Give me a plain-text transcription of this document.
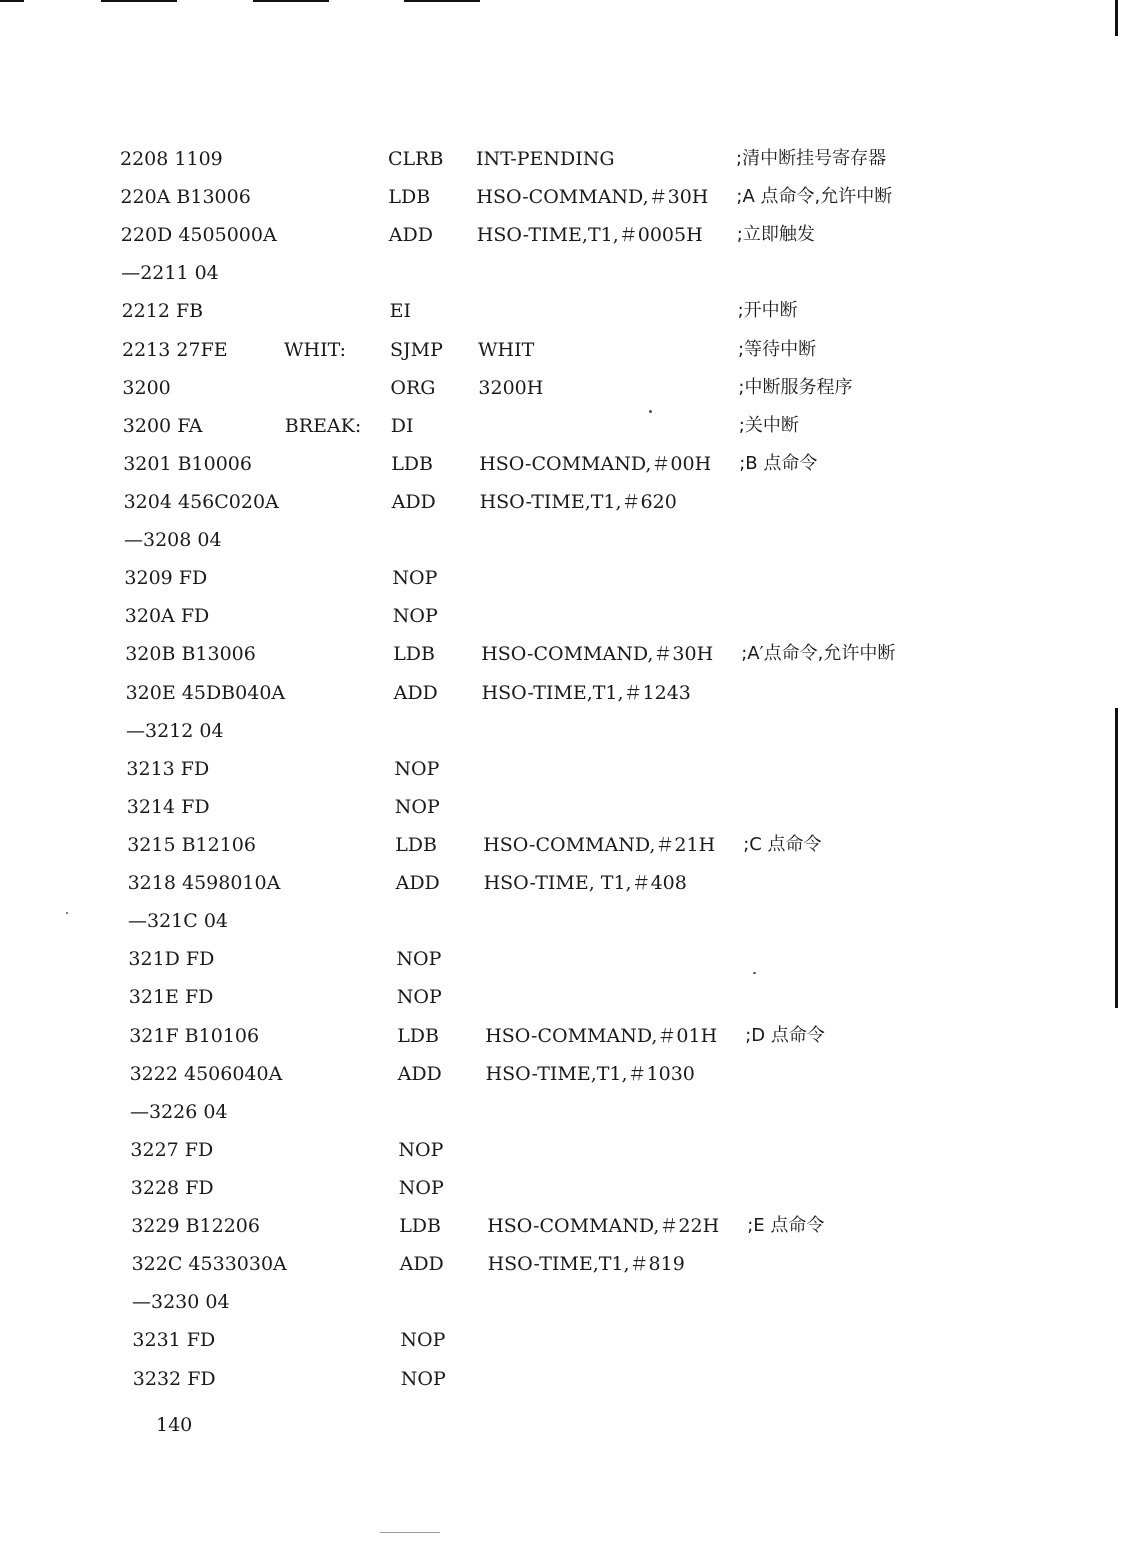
2208 1109	CLRB INT-PENDING	;清中断挂号寄存器
220A B13006	LDB HSO-COMMAND,＃30H ;A 点命令,允许中断
220D 4505000A	ADD HSO-TIME,T1,＃0005H ;立即触发
—2211 04
2212 FB	EI	;开中断
2213 27FE	WHIT: SJMP WHIT	;等待中断
3200	ORG 3200H	;中断服务程序
3200 FA	BREAK: DI	;关中断
3201 B10006	LDB HSO-COMMAND,＃00H ;B 点命令
3204 456C020A	ADD HSO-TIME,T1,＃620
—3208 04
3209 FD	NOP
320A FD	NOP
320B B13006	LDB HSO-COMMAND,＃30H ;A′点命令,允许中断
320E 45DB040A	ADD HSO-TIME,T1,＃1243
—3212 04
3213 FD	NOP
3214 FD	NOP
3215 B12106	LDB HSO-COMMAND,＃21H ;C 点命令
3218 4598010A	ADD HSO-TIME, T1,＃408
—321C 04
321D FD	NOP
321E FD	NOP
321F B10106	LDB HSO-COMMAND,＃01H ;D 点命令
3222 4506040A	ADD HSO-TIME,T1,＃1030
—3226 04
3227 FD	NOP
3228 FD	NOP
3229 B12206	LDB HSO-COMMAND,＃22H ;E 点命令
322C 4533030A	ADD HSO-TIME,T1,＃819
—3230 04
3231 FD	NOP
3232 FD	NOP
140
